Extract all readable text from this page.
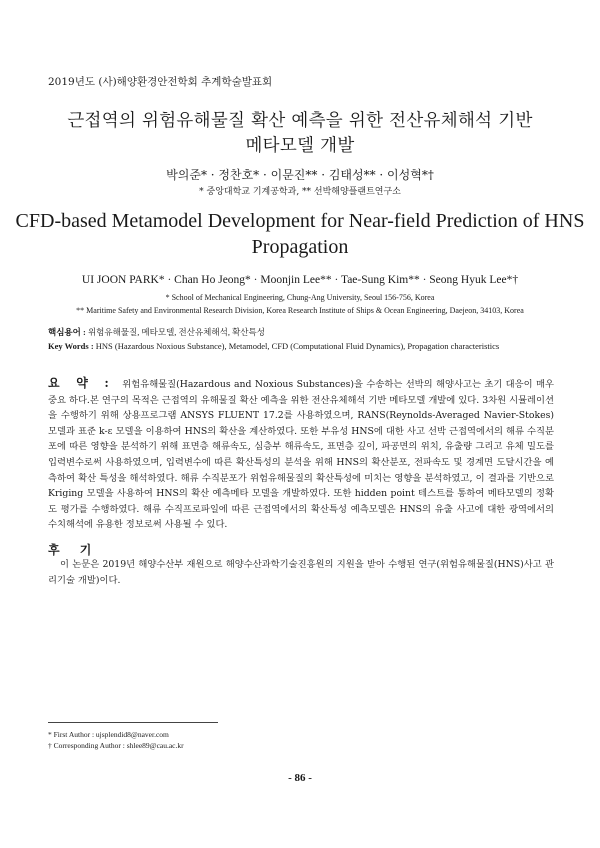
2019년도 (사)해양환경안전학회 추계학술발표회
근접역의 위험유해물질 확산 예측을 위한 전산유체해석 기반
메타모델 개발
박의준* · 정찬호* · 이문진** · 김태성** · 이성혁*†
* 중앙대학교 기계공학과, ** 선박해양플랜트연구소
CFD-based Metamodel Development for Near-field Prediction of HNS
Propagation
UI JOON PARK* · Chan Ho Jeong* · Moonjin Lee** · Tae-Sung Kim** · Seong Hyuk Lee*†
* School of Mechanical Engineering, Chung-Ang University, Seoul 156-756, Korea
** Maritime Safety and Environmental Research Division, Korea Research Institute of Ships & Ocean Engineering, Daejeon, 34103, Korea
핵심용어 : 위험유해물질, 메타모델, 전산유체해석, 확산특성
Key Words : HNS (Hazardous Noxious Substance), Metamodel, CFD (Computational Fluid Dynamics), Propagation characteristics
요 약 : 위험유해물질(Hazardous and Noxious Substances)을 수송하는 선박의 해양사고는 초기 대응이 매우 중요 하다.본 연구의 목적은 근접역의 유해물질 확산 예측을 위한 전산유체해석 기반 메타모델 개발에 있다. 3차원 시뮬레이션을 수행하기 위해 상용프로그램 ANSYS FLUENT 17.2를 사용하였으며, RANS(Reynolds-Averaged Navier-Stokes) 모델과 표준 k-ε 모델을 이용하여 HNS의 확산을 계산하였다. 또한 부유성 HNS에 대한 사고 선박 근접역에서의 해류 수직분포에 따른 영향을 분석하기 위해 표면층 해류속도, 심층부 해류속도, 표면층 깊이, 파공면의 위치, 유출량 그리고 유체 밀도를 입력변수로써 사용하였으며, 입력변수에 따른 확산특성의 분석을 위해 HNS의 확산분포, 전파속도 및 경계면 도달시간을 예측하여 확산 특성을 해석하였다. 해류 수직분포가 위험유해물질의 확산특성에 미치는 영향을 분석하였고, 이 결과를 기반으로 Kriging 모델을 사용하여 HNS의 확산 예측메타 모델을 개발하였다. 또한 hidden point 테스트를 통하여 메타모델의 정확도 평가를 수행하였다. 해류 수직프로파일에 따른 근접역에서의 확산특성 예측모델은 HNS의 유출 사고에 대한 광역에서의 수치해석에 유용한 정보로써 사용될 수 있다.
후 기
이 논문은 2019년 해양수산부 재원으로 해양수산과학기술진흥원의 지원을 받아 수행된 연구(위험유해물질(HNS)사고 관리기술 개발)이다.
* First Author : ujsplendid8@naver.com
† Corresponding Author : shlee89@cau.ac.kr
- 86 -
